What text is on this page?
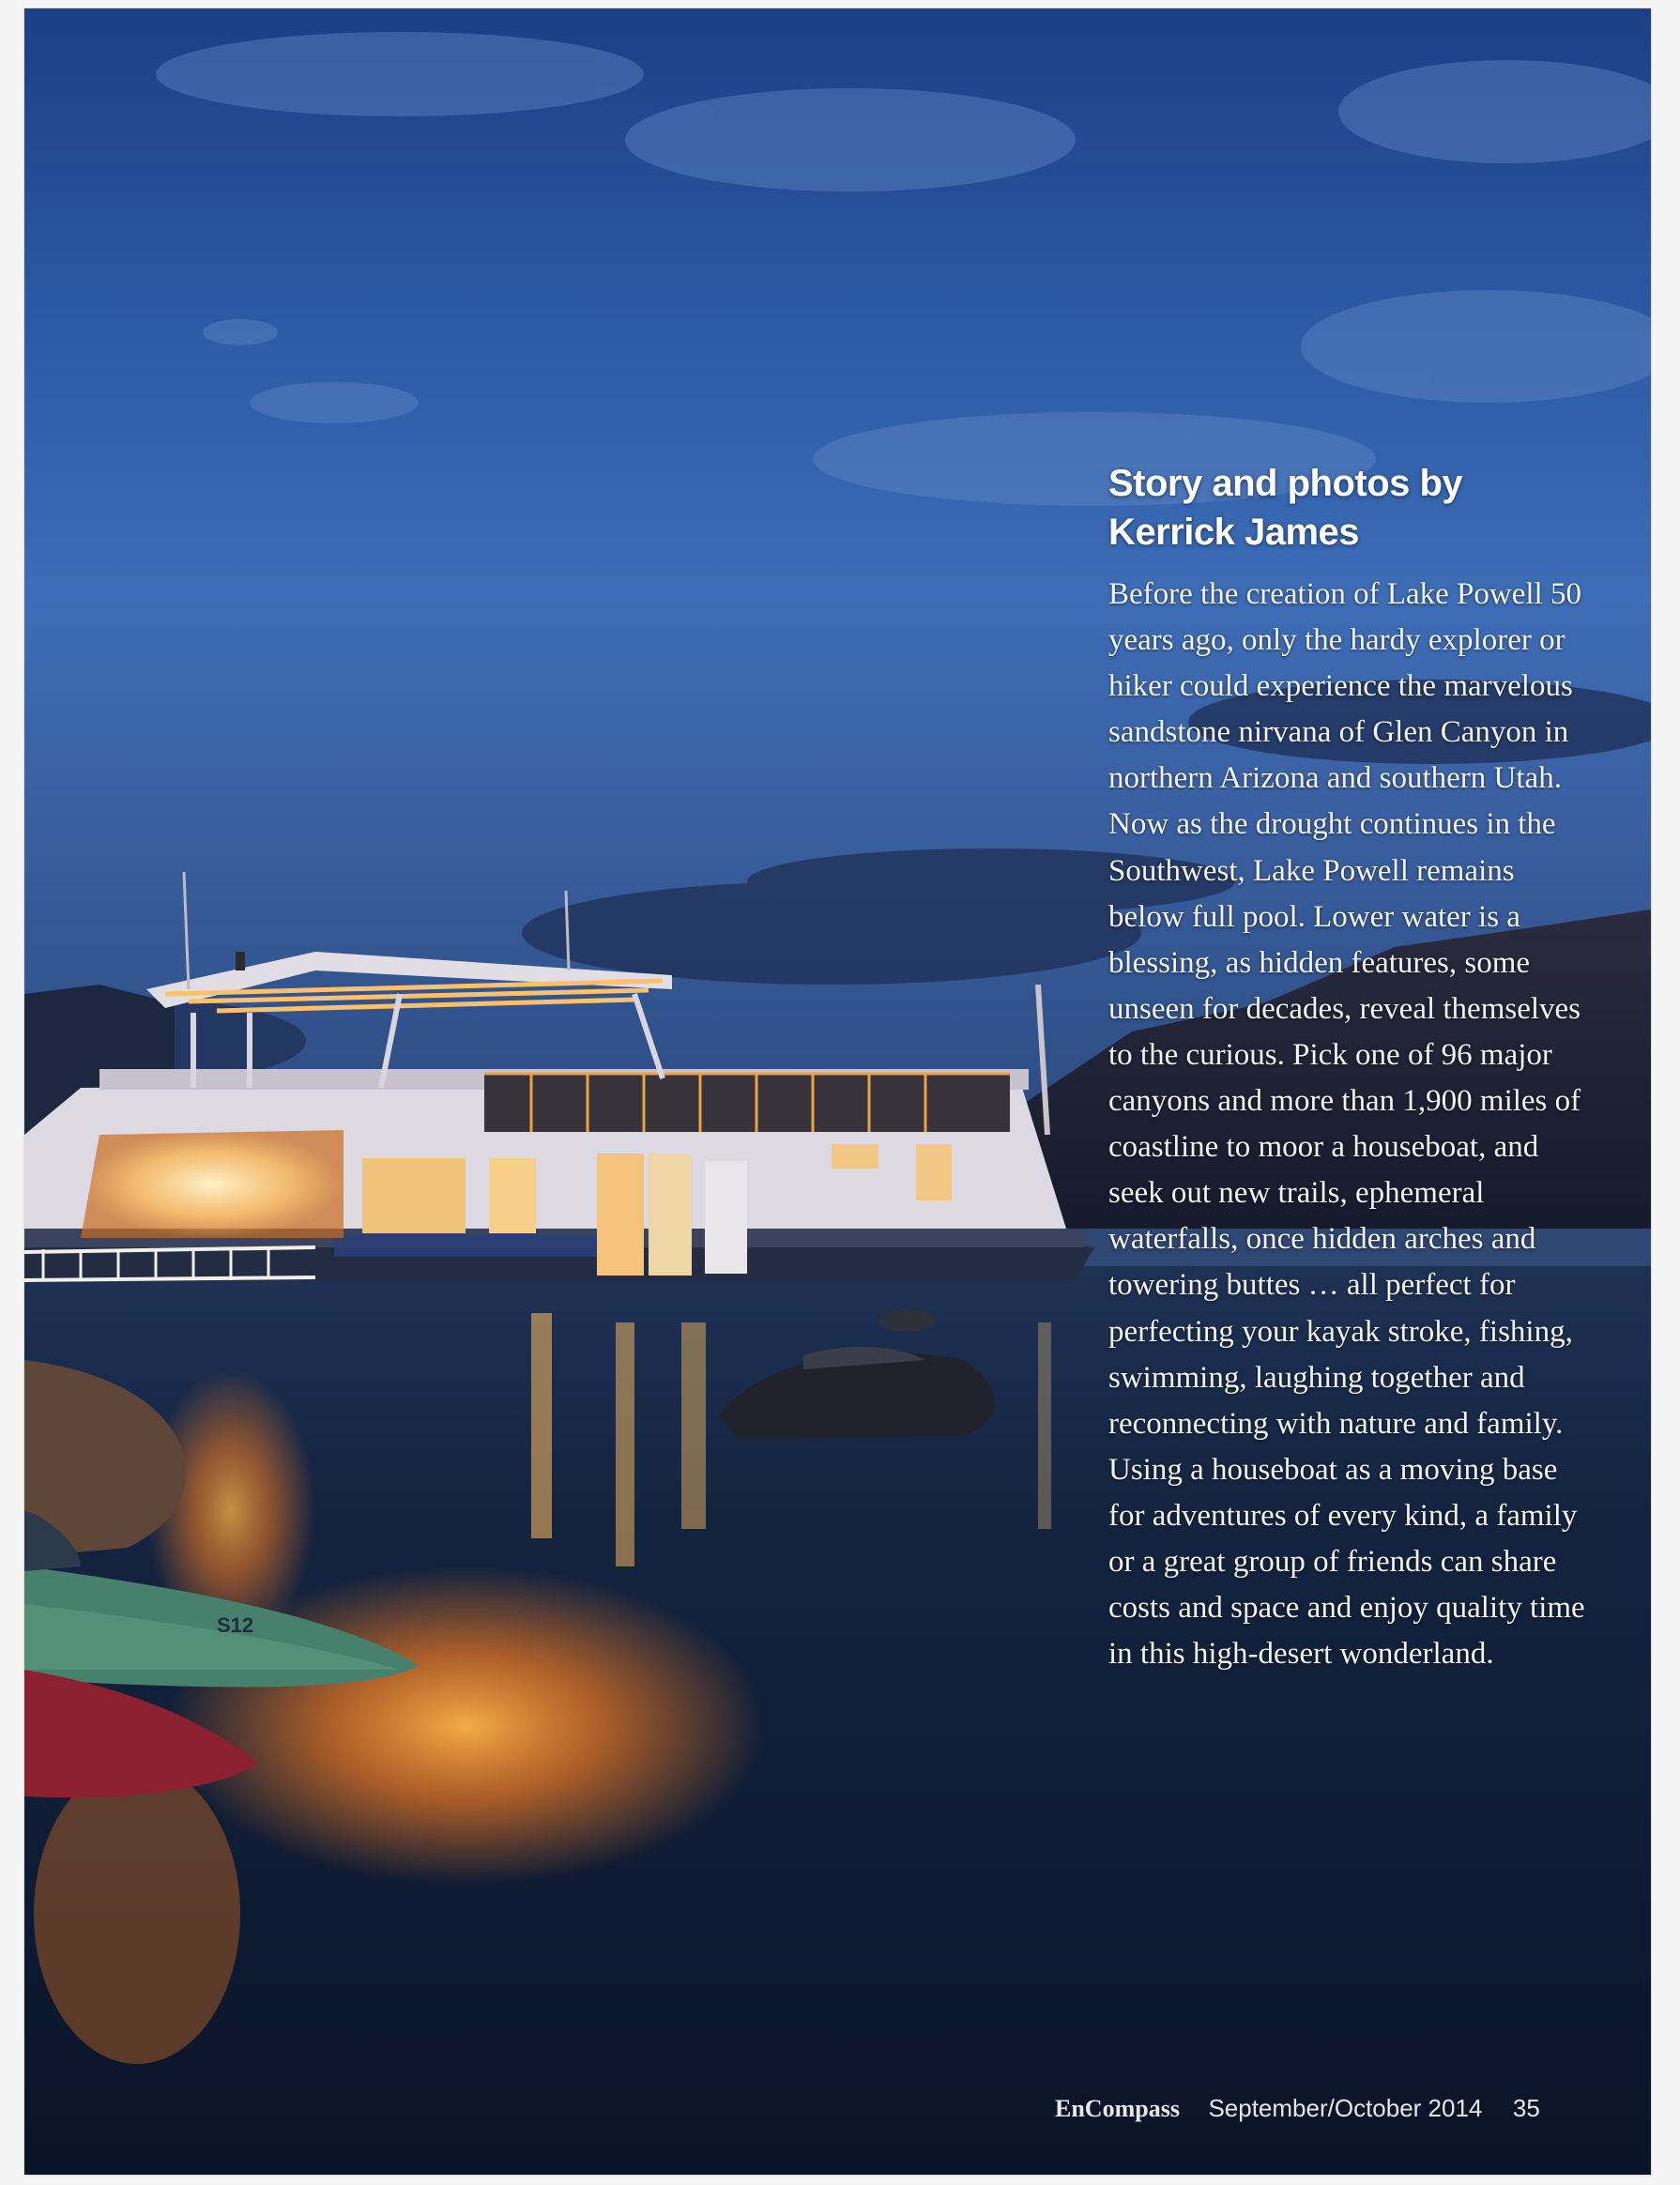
S12
Story and photos by Kerrick James

Before the creation of Lake Powell 50 years ago, only the hardy explorer or hiker could experience the marvelous sandstone nirvana of Glen Canyon in northern Arizona and southern Utah. Now as the drought continues in the Southwest, Lake Powell remains below full pool. Lower water is a blessing, as hidden features, some unseen for decades, reveal themselves to the curious. Pick one of 96 major canyons and more than 1,900 miles of coastline to moor a houseboat, and seek out new trails, ephemeral waterfalls, once hidden arches and towering buttes … all perfect for perfecting your kayak stroke, fishing, swimming, laughing together and reconnecting with nature and family. Using a houseboat as a moving base for adventures of every kind, a family or a great group of friends can share costs and space and enjoy quality time in this high-desert wonderland.

EnCompass September/October 2014 35
